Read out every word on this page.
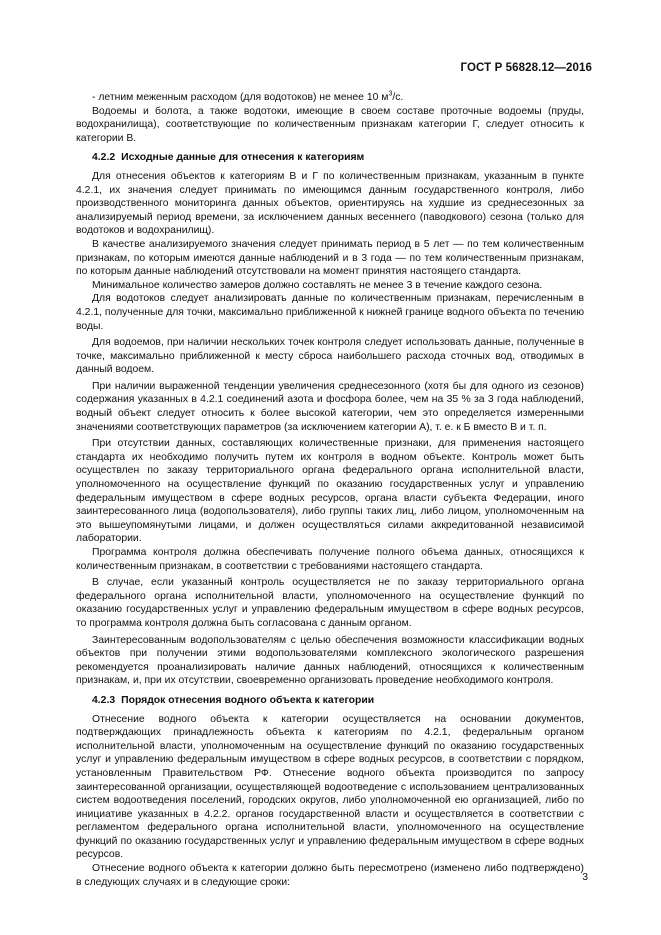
ГОСТ Р 56828.12—2016

- летним меженным расходом (для водотоков) не менее 10 $м^3/с$.

Водоемы и болота, а также водотоки, имеющие в своем составе проточные водоемы (пруды, водохранилища), соответствующие по количественным признакам категории Г, следует относить к категории В.

4.2.2 Исходные данные для отнесения к категориям

Для отнесения объектов к категориям В и Г по количественным признакам, указанным в пункте 4.2.1, их значения следует принимать по имеющимся данным государственного контроля, либо производственного мониторинга данных объектов, ориентируясь на худшие из среднесезонных за анализируемый период времени, за исключением данных весеннего (паводкового) сезона (только для водотоков и водохранилищ).

В качестве анализируемого значения следует принимать период в 5 лет — по тем количественным признакам, по которым имеются данные наблюдений и в 3 года — по тем количественным признакам, по которым данные наблюдений отсутствовали на момент принятия настоящего стандарта.

Минимальное количество замеров должно составлять не менее 3 в течение каждого сезона.

Для водотоков следует анализировать данные по количественным признакам, перечисленным в 4.2.1, полученные для точки, максимально приближенной к нижней границе водного объекта по течению воды.

Для водоемов, при наличии нескольких точек контроля следует использовать данные, полученные в точке, максимально приближенной к месту сброса наибольшего расхода сточных вод, отводимых в данный водоем.

При наличии выраженной тенденции увеличения среднесезонного (хотя бы для одного из сезонов) содержания указанных в 4.2.1 соединений азота и фосфора более, чем на 35 % за 3 года наблюдений, водный объект следует относить к более высокой категории, чем это определяется измеренными значениями соответствующих параметров (за исключением категории А), т. е. к Б вместо В и т. п.

При отсутствии данных, составляющих количественные признаки, для применения настоящего стандарта их необходимо получить путем их контроля в водном объекте. Контроль может быть осуществлен по заказу территориального органа федерального органа исполнительной власти, уполномоченного на осуществление функций по оказанию государственных услуг и управлению федеральным имуществом в сфере водных ресурсов, органа власти субъекта Федерации, иного заинтересованного лица (водопользователя), либо группы таких лиц, либо лицом, уполномоченным на это вышеупомянутыми лицами, и должен осуществляться силами аккредитованной независимой лаборатории.

Программа контроля должна обеспечивать получение полного объема данных, относящихся к количественным признакам, в соответствии с требованиями настоящего стандарта.

В случае, если указанный контроль осуществляется не по заказу территориального органа федерального органа исполнительной власти, уполномоченного на осуществление функций по оказанию государственных услуг и управлению федеральным имуществом в сфере водных ресурсов, то программа контроля должна быть согласована с данным органом.

Заинтересованным водопользователям с целью обеспечения возможности классификации водных объектов при получении этими водопользователями комплексного экологического разрешения рекомендуется проанализировать наличие данных наблюдений, относящихся к количественным признакам, и, при их отсутствии, своевременно организовать проведение необходимого контроля.

4.2.3 Порядок отнесения водного объекта к категории

Отнесение водного объекта к категории осуществляется на основании документов, подтверждающих принадлежность объекта к категориям по 4.2.1, федеральным органом исполнительной власти, уполномоченным на осуществление функций по оказанию государственных услуг и управлению федеральным имуществом в сфере водных ресурсов, в соответствии с порядком, установленным Правительством РФ. Отнесение водного объекта производится по запросу заинтересованной организации, осуществляющей водоотведение с использованием централизованных систем водоотведения поселений, городских округов, либо уполномоченной ею организацией, либо по инициативе указанных в 4.2.2. органов государственной власти и осуществляется в соответствии с регламентом федерального органа исполнительной власти, уполномоченного на осуществление функций по оказанию государственных услуг и управлению федеральным имуществом в сфере водных ресурсов.

Отнесение водного объекта к категории должно быть пересмотрено (изменено либо подтверждено) в следующих случаях и в следующие сроки:	3
